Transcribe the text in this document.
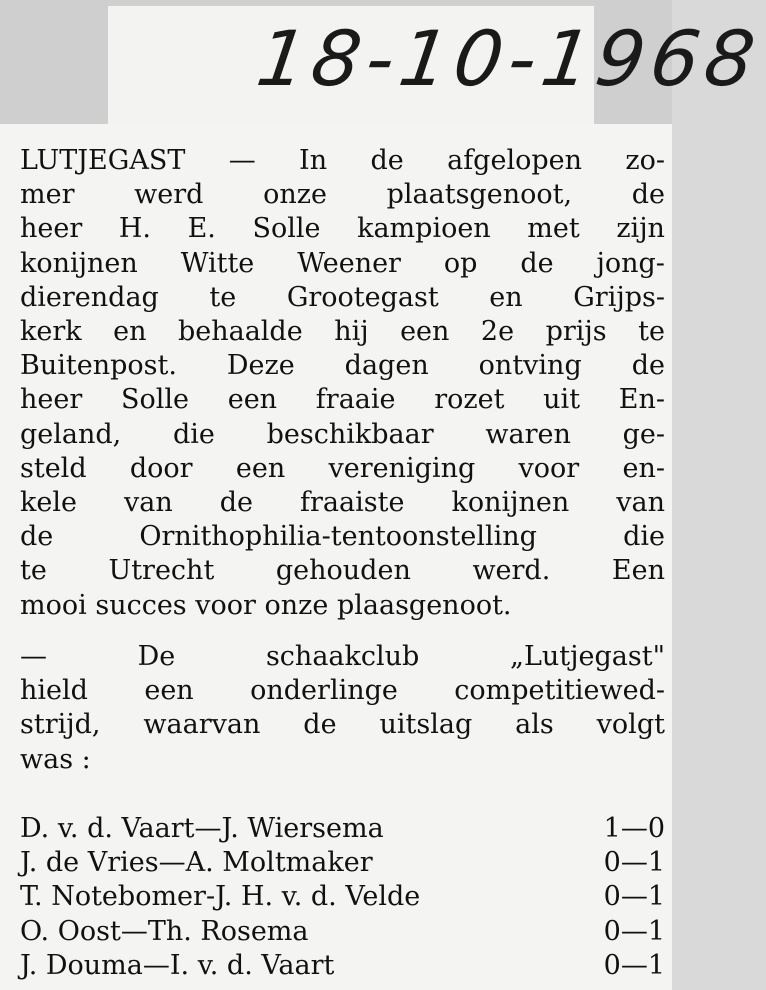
18-10-1968
LUTJEGAST — In de afgelopen zo-
mer werd onze plaatsgenoot, de
heer H. E. Solle kampioen met zijn
konijnen Witte Weener op de jong-
dierendag te Grootegast en Grijps-
kerk en behaalde hij een 2e prijs te
Buitenpost. Deze dagen ontving de
heer Solle een fraaie rozet uit En-
geland, die beschikbaar waren ge-
steld door een vereniging voor en-
kele van de fraaiste konijnen van
de	Ornithophilia-tentoonstelling	die
te Utrecht gehouden werd. Een
mooi succes voor onze plaasgenoot.
—	De	schaakclub	„Lutjegast"
hield een onderlinge competitiewed-
strijd, waarvan de uitslag als volgt
was :
D. v. d. Vaart—J. Wiersema	1—0
J. de Vries—A. Moltmaker	0—1
T. Notebomer-J. H. v. d. Velde	0—1
O. Oost—Th. Rosema	0—1
J. Douma—I. v. d. Vaart	0—1
